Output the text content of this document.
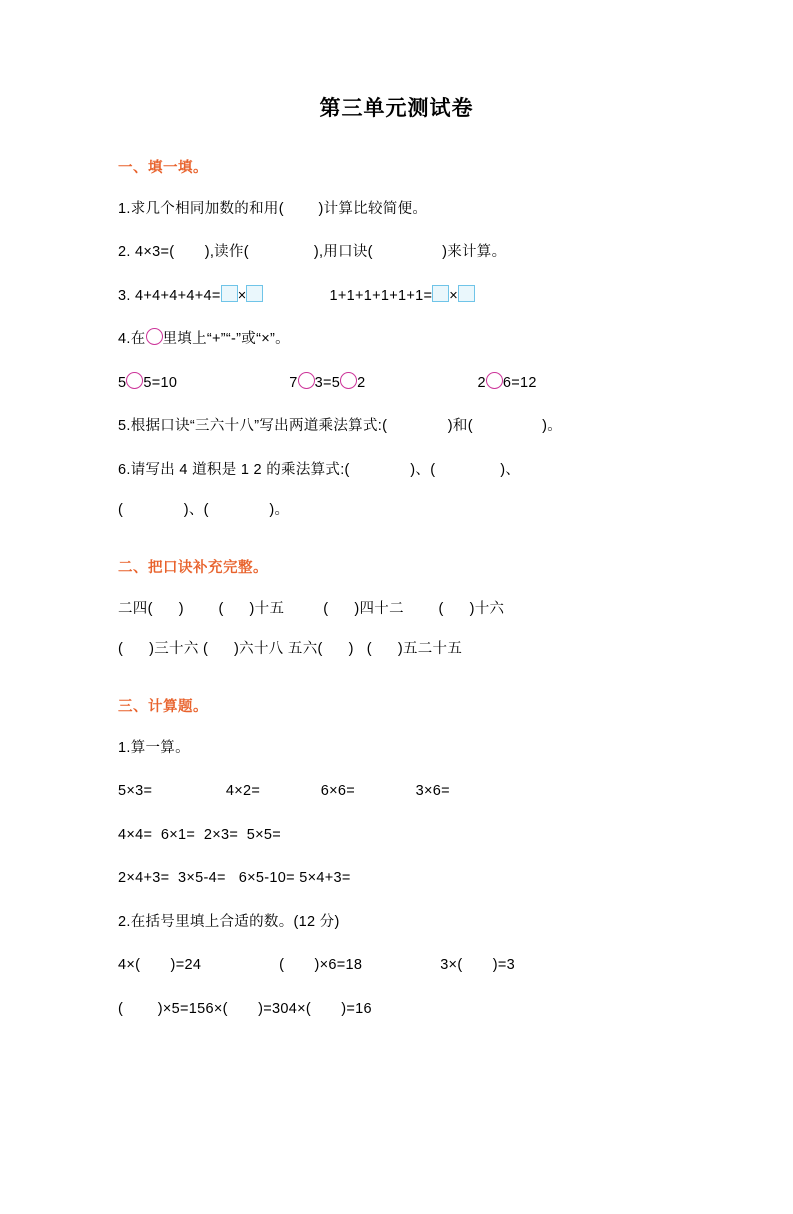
第三单元测试卷
一、填一填。
1.求几个相同加数的和用(        )计算比较简便。
2. 4×3=(       ),读作(               ),用口诀(                )来计算。
3. 4+4+4+4+4= ×	1+1+1+1+1+1= ×
4.在 里填上“+”“-”或“×”。
5 5=10	7 3=5 2	2 6=12
5.根据口诀“三六十八”写出两道乘法算式:(              )和(                )。
6.请写出 4 道积是 1 2 的乘法算式:(              )、(               )、
(              )、(              )。
二、把口诀补充完整。
二四(      )        (      )十五         (      )四十二        (      )十六
(      )三十六 (      )六十八 五六(      )   (      )五二十五
三、计算题。
1.算一算。
5×3=                 4×2=              6×6=              3×6=
4×4=  6×1=  2×3=  5×5=
2×4+3=  3×5-4=   6×5-10= 5×4+3=
2.在括号里填上合适的数。(12 分)
4×(       )=24                  (       )×6=18                  3×(       )=3
(        )×5=156×(       )=304×(       )=16
